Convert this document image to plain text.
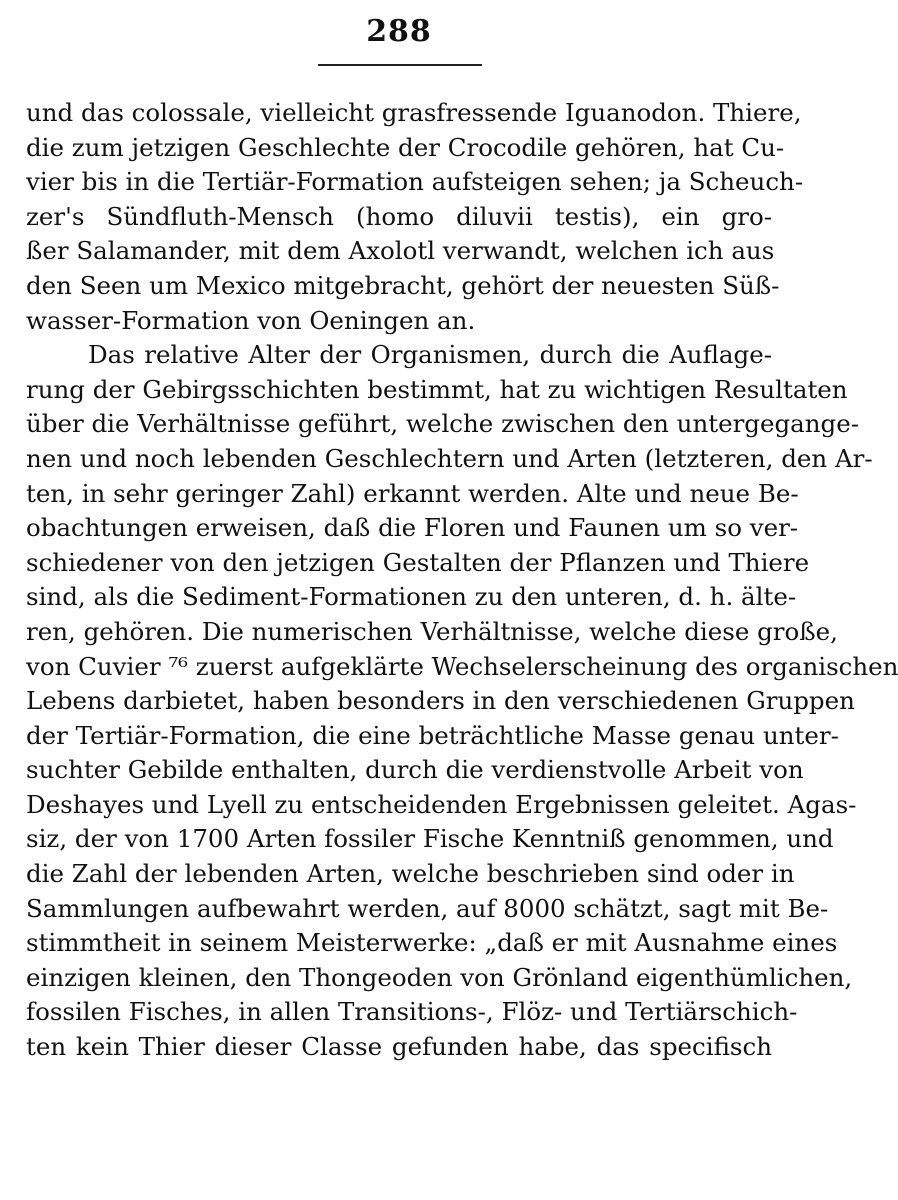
288
und das colossale, vielleicht grasfressende Iguanodon. Thiere,
die zum jetzigen Geschlechte der Crocodile gehören, hat Cu-
vier bis in die Tertiär-Formation aufsteigen sehen; ja Scheuch-
zer's Sündfluth-Mensch (homo diluvii testis), ein gro-
ßer Salamander, mit dem Axolotl verwandt, welchen ich aus
den Seen um Mexico mitgebracht, gehört der neuesten Süß-
wasser-Formation von Oeningen an.
Das relative Alter der Organismen, durch die Auflage-
rung der Gebirgsschichten bestimmt, hat zu wichtigen Resultaten
über die Verhältnisse geführt, welche zwischen den untergegange-
nen und noch lebenden Geschlechtern und Arten (letzteren, den Ar-
ten, in sehr geringer Zahl) erkannt werden. Alte und neue Be-
obachtungen erweisen, daß die Floren und Faunen um so ver-
schiedener von den jetzigen Gestalten der Pflanzen und Thiere
sind, als die Sediment-Formationen zu den unteren, d. h. älte-
ren, gehören. Die numerischen Verhältnisse, welche diese große,
von Cuvier ⁷⁶ zuerst aufgeklärte Wechselerscheinung des organischen
Lebens darbietet, haben besonders in den verschiedenen Gruppen
der Tertiär-Formation, die eine beträchtliche Masse genau unter-
suchter Gebilde enthalten, durch die verdienstvolle Arbeit von
Deshayes und Lyell zu entscheidenden Ergebnissen geleitet. Agas-
siz, der von 1700 Arten fossiler Fische Kenntniß genommen, und
die Zahl der lebenden Arten, welche beschrieben sind oder in
Sammlungen aufbewahrt werden, auf 8000 schätzt, sagt mit Be-
stimmtheit in seinem Meisterwerke: „daß er mit Ausnahme eines
einzigen kleinen, den Thongeoden von Grönland eigenthümlichen,
fossilen Fisches, in allen Transitions-, Flöz- und Tertiärschich-
ten kein Thier dieser Classe gefunden habe, das specifisch
